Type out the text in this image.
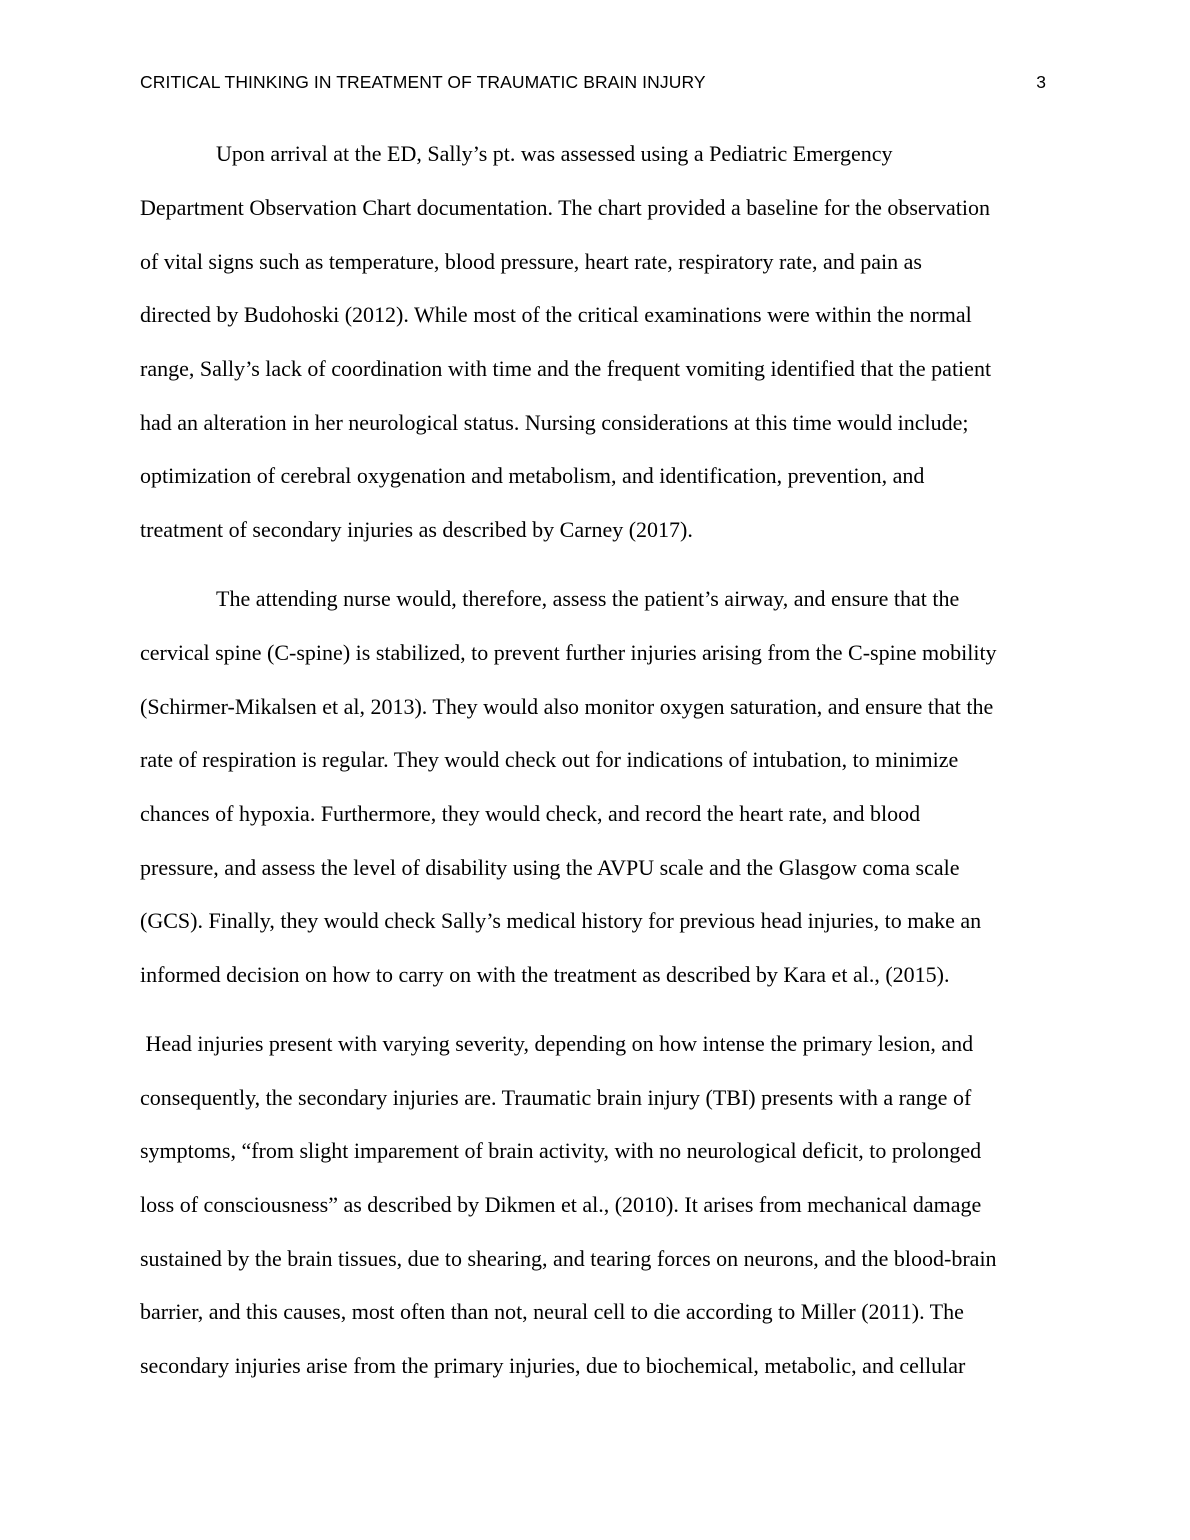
CRITICAL THINKING IN TREATMENT OF TRAUMATIC BRAIN INJURY	3
Upon arrival at the ED, Sally’s pt. was assessed using a Pediatric Emergency
Department Observation Chart documentation. The chart provided a baseline for the observation
of vital signs such as temperature, blood pressure, heart rate, respiratory rate, and pain as
directed by Budohoski (2012). While most of the critical examinations were within the normal
range, Sally’s lack of coordination with time and the frequent vomiting identified that the patient
had an alteration in her neurological status. Nursing considerations at this time would include;
optimization of cerebral oxygenation and metabolism, and identification, prevention, and
treatment of secondary injuries as described by Carney (2017).
The attending nurse would, therefore, assess the patient’s airway, and ensure that the
cervical spine (C-spine) is stabilized, to prevent further injuries arising from the C-spine mobility
(Schirmer-Mikalsen et al, 2013). They would also monitor oxygen saturation, and ensure that the
rate of respiration is regular. They would check out for indications of intubation, to minimize
chances of hypoxia. Furthermore, they would check, and record the heart rate, and blood
pressure, and assess the level of disability using the AVPU scale and the Glasgow coma scale
(GCS). Finally, they would check Sally’s medical history for previous head injuries, to make an
informed decision on how to carry on with the treatment as described by Kara et al., (2015).
Head injuries present with varying severity, depending on how intense the primary lesion, and
consequently, the secondary injuries are. Traumatic brain injury (TBI) presents with a range of
symptoms, “from slight imparement of brain activity, with no neurological deficit, to prolonged
loss of consciousness” as described by Dikmen et al., (2010). It arises from mechanical damage
sustained by the brain tissues, due to shearing, and tearing forces on neurons, and the blood-brain
barrier, and this causes, most often than not, neural cell to die according to Miller (2011). The
secondary injuries arise from the primary injuries, due to biochemical, metabolic, and cellular
